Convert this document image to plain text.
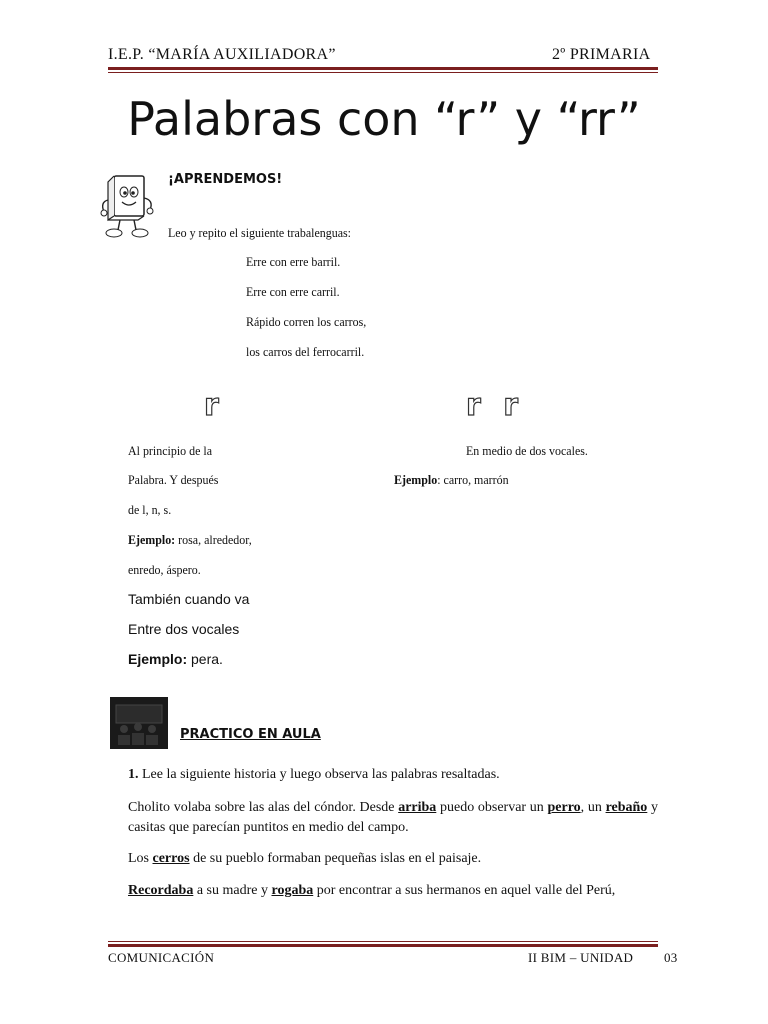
I.E.P. “MARÍA AUXILIADORA”	2º PRIMARIA
Palabras con “r” y “rr”
¡APRENDEMOS!
Leo y repito el siguiente trabalenguas:
Erre con erre barril.
Erre con erre carril.
Rápido corren los carros,
los carros del ferrocarril.
r	r r
Al principio de la
Palabra. Y después
de l, n, s.
Ejemplo: rosa, alrededor,
enredo, áspero.
También cuando va
Entre dos vocales
Ejemplo: pera.
En medio de dos vocales.
Ejemplo: carro, marrón
PRACTICO EN AULA
1. Lee la siguiente historia y luego observa las palabras resaltadas.
Cholito volaba sobre las alas del cóndor. Desde arriba puedo observar un perro, un rebaño y casitas que parecían puntitos en medio del campo.
Los cerros de su pueblo formaban pequeñas islas en el paisaje.
Recordaba a su madre y rogaba por encontrar a sus hermanos en aquel valle del Perú,
COMUNICACIÓN	II BIM – UNIDAD 03
